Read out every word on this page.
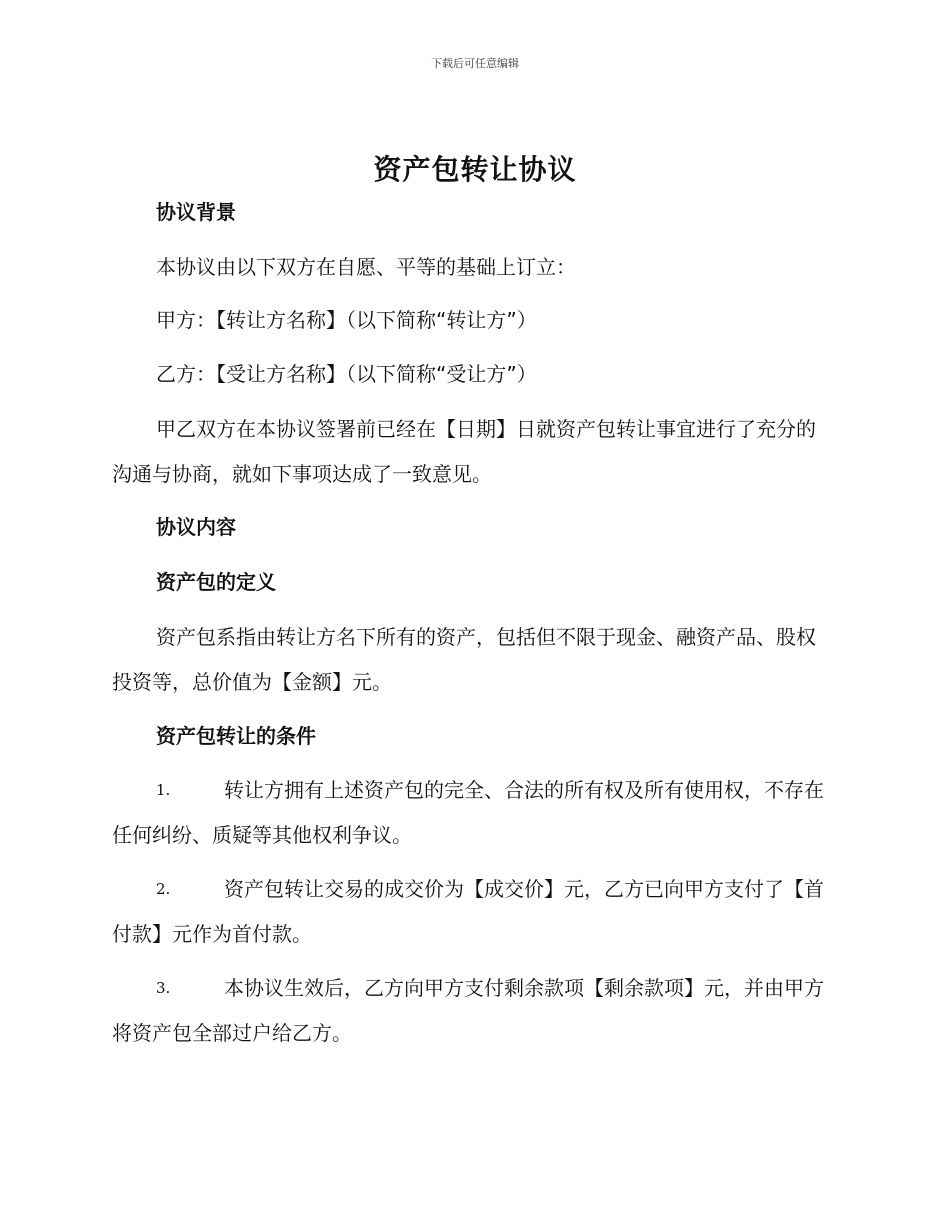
下载后可任意编辑
资产包转让协议
协议背景
本协议由以下双方在自愿、平等的基础上订立：
甲方：【转让方名称】（以下简称“转让方”）
乙方：【受让方名称】（以下简称“受让方”）
甲乙双方在本协议签署前已经在【日期】日就资产包转让事宜进行了充分的沟通与协商，就如下事项达成了一致意见。
协议内容
资产包的定义
资产包系指由转让方名下所有的资产，包括但不限于现金、融资产品、股权投资等，总价值为【金额】元。
资产包转让的条件
1.	转让方拥有上述资产包的完全、合法的所有权及所有使用权，不存在任何纠纷、质疑等其他权利争议。
2.	资产包转让交易的成交价为【成交价】元，乙方已向甲方支付了【首付款】元作为首付款。
3.	本协议生效后，乙方向甲方支付剩余款项【剩余款项】元，并由甲方将资产包全部过户给乙方。
